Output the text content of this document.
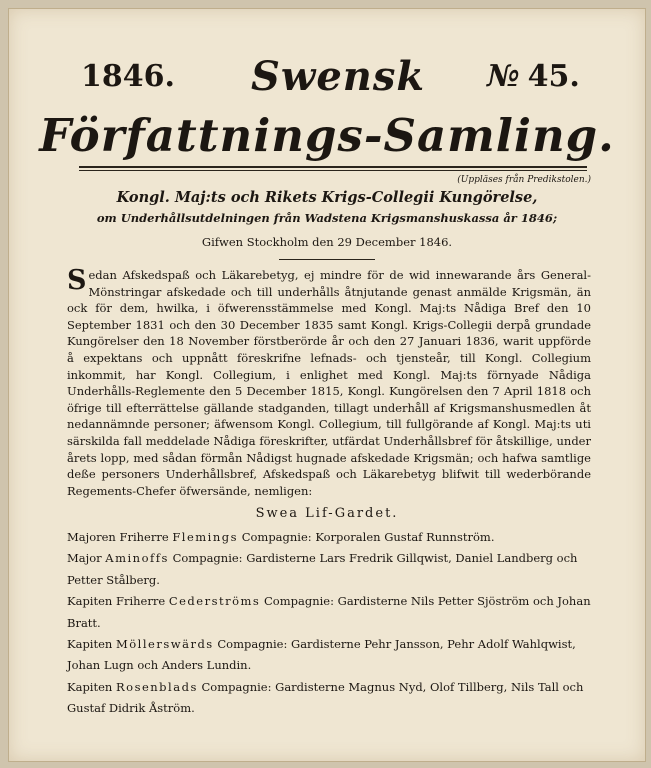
1846. Swensk № 45.
Författnings-Samling.
(Uppläses från Predikstolen.)
Kongl. Maj:ts och Rikets Krigs-Collegii Kungörelse,
om Underhållsutdelningen från Wadstena Krigsmanshuskassa år 1846;
Gifwen Stockholm den 29 December 1846.
Sedan Afskedspaß och Läkarebetyg, ej mindre för de wid innewarande års General-Mönstringar afskedade och till underhålls åtnjutande genast anmälde Krigsmän, än ock för dem, hwilka, i öfwerensstämmelse med Kongl. Maj:ts Nådiga Bref den 10 September 1831 och den 30 December 1835 samt Kongl. Krigs-Collegii derpå grundade Kungörelser den 18 November förstberörde år och den 27 Januari 1836, warit uppförde å expektans och uppnått föreskrifne lefnads- och tjensteår, till Kongl. Collegium inkommit, har Kongl. Collegium, i enlighet med Kongl. Maj:ts förnyade Nådiga Underhålls-Reglemente den 5 December 1815, Kongl. Kungörelsen den 7 April 1818 och öfrige till efterrättelse gällande stadganden, tillagt underhåll af Krigsmanshusmedlen åt nedannämnde personer; äfwensom Kongl. Collegium, till fullgörande af Kongl. Maj:ts uti särskilda fall meddelade Nådiga föreskrifter, utfärdat Underhållsbref för åtskillige, under årets lopp, med sådan förmån Nådigst hugnade afskedade Krigsmän; och hafwa samtlige deße personers Underhållsbref, Afskedspaß och Läkarebetyg blifwit till wederbörande Regements-Chefer öfwersände, nemligen:
Swea Lif-Gardet.
Majoren Friherre Flemings Compagnie: Korporalen Gustaf Runnström.
Major Aminoffs Compagnie: Gardisterne Lars Fredrik Gillqwist, Daniel Landberg och Petter Stålberg.
Kapiten Friherre Cederströms Compagnie: Gardisterne Nils Petter Sjöström och Johan Bratt.
Kapiten Möllerswärds Compagnie: Gardisterne Pehr Jansson, Pehr Adolf Wahlqwist, Johan Lugn och Anders Lundin.
Kapiten Rosenblads Compagnie: Gardisterne Magnus Nyd, Olof Tillberg, Nils Tall och Gustaf Didrik Åström.
